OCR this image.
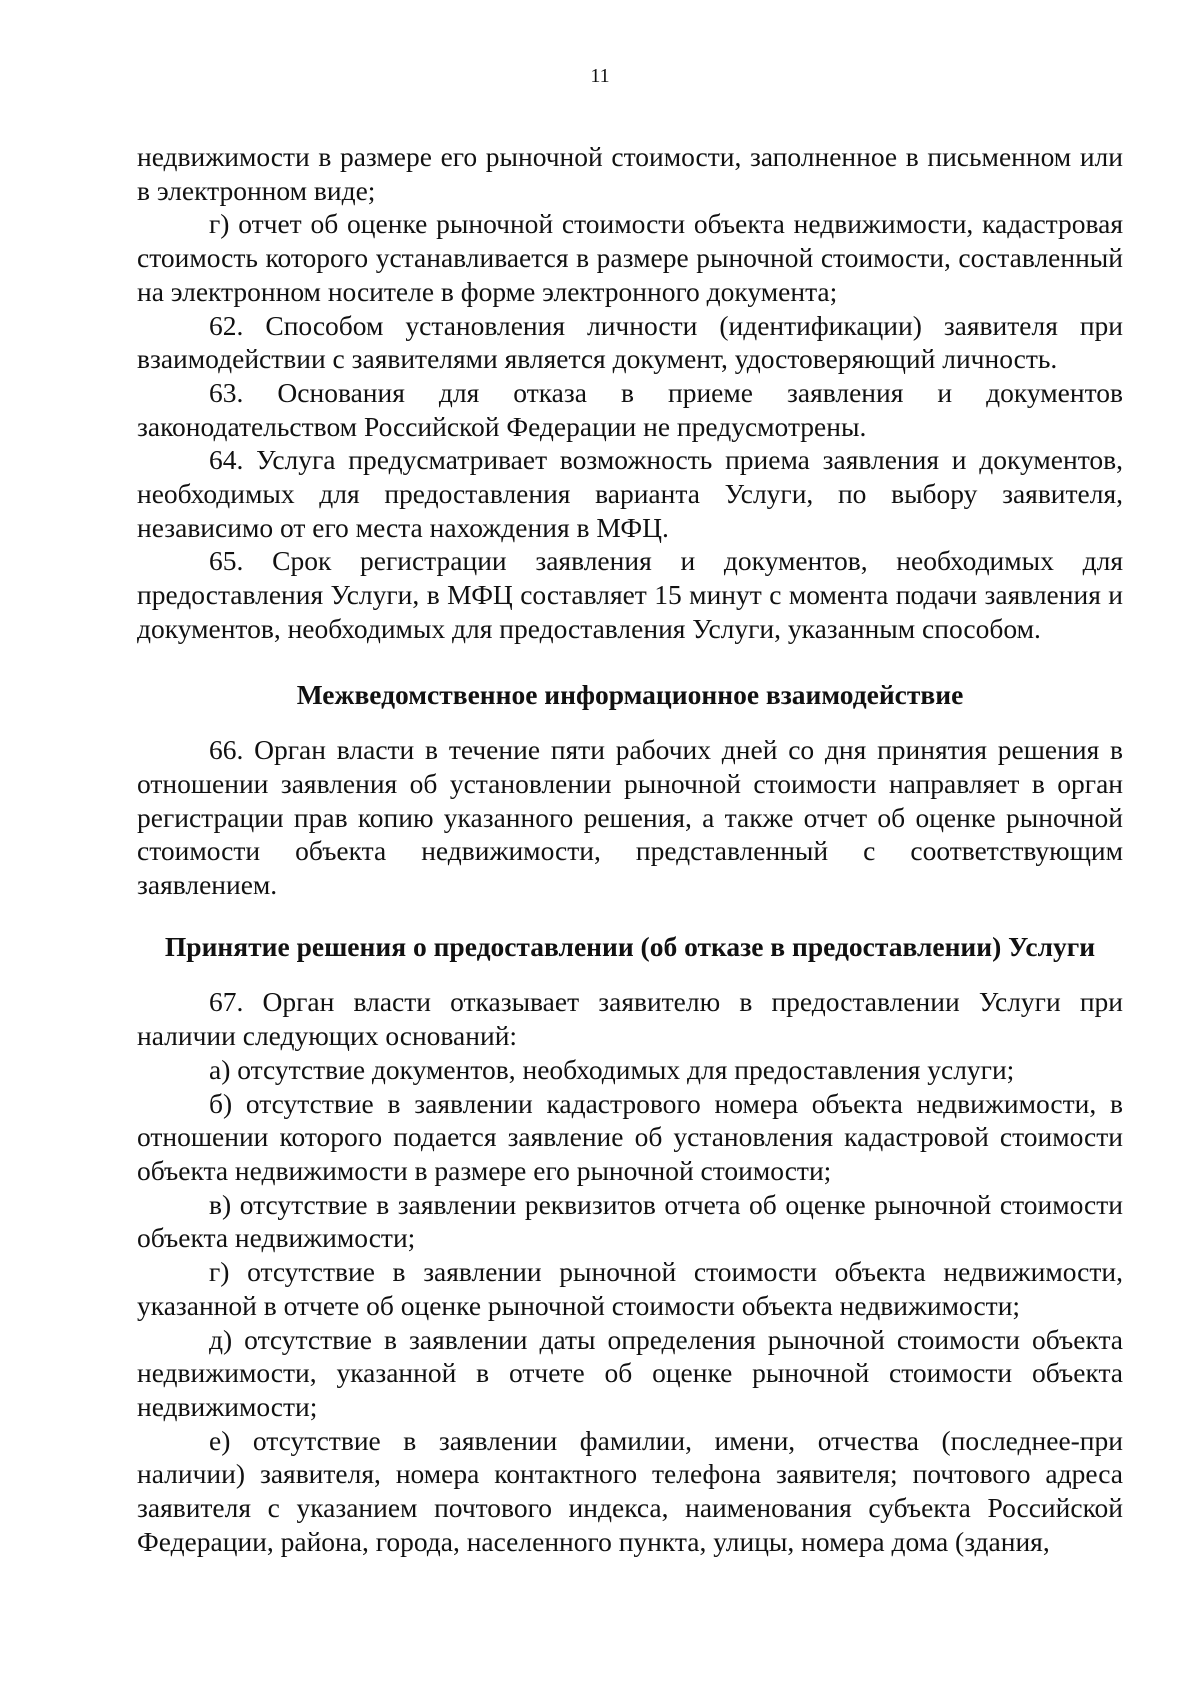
11

недвижимости в размере его рыночной стоимости, заполненное в письменном или в электронном виде;

г) отчет об оценке рыночной стоимости объекта недвижимости, кадастровая стоимость которого устанавливается в размере рыночной стоимости, составленный на электронном носителе в форме электронного документа;

62. Способом установления личности (идентификации) заявителя при взаимодействии с заявителями является документ, удостоверяющий личность.

63. Основания для отказа в приеме заявления и документов законодательством Российской Федерации не предусмотрены.

64. Услуга предусматривает возможность приема заявления и документов, необходимых для предоставления варианта Услуги, по выбору заявителя, независимо от его места нахождения в МФЦ.

65. Срок регистрации заявления и документов, необходимых для предоставления Услуги, в МФЦ составляет 15 минут с момента подачи заявления и документов, необходимых для предоставления Услуги, указанным способом.

Межведомственное информационное взаимодействие

66. Орган власти в течение пяти рабочих дней со дня принятия решения в отношении заявления об установлении рыночной стоимости направляет в орган регистрации прав копию указанного решения, а также отчет об оценке рыночной стоимости объекта недвижимости, представленный с соответствующим заявлением.

Принятие решения о предоставлении (об отказе в предоставлении) Услуги

67. Орган власти отказывает заявителю в предоставлении Услуги при наличии следующих оснований:

а) отсутствие документов, необходимых для предоставления услуги;

б) отсутствие в заявлении кадастрового номера объекта недвижимости, в отношении которого подается заявление об установления кадастровой стоимости объекта недвижимости в размере его рыночной стоимости;

в) отсутствие в заявлении реквизитов отчета об оценке рыночной стоимости объекта недвижимости;

г) отсутствие в заявлении рыночной стоимости объекта недвижимости, указанной в отчете об оценке рыночной стоимости объекта недвижимости;

д) отсутствие в заявлении даты определения рыночной стоимости объекта недвижимости, указанной в отчете об оценке рыночной стоимости объекта недвижимости;

е) отсутствие в заявлении фамилии, имени, отчества (последнее-при наличии) заявителя, номера контактного телефона заявителя; почтового адреса заявителя с указанием почтового индекса, наименования субъекта Российской Федерации, района, города, населенного пункта, улицы, номера дома (здания,
